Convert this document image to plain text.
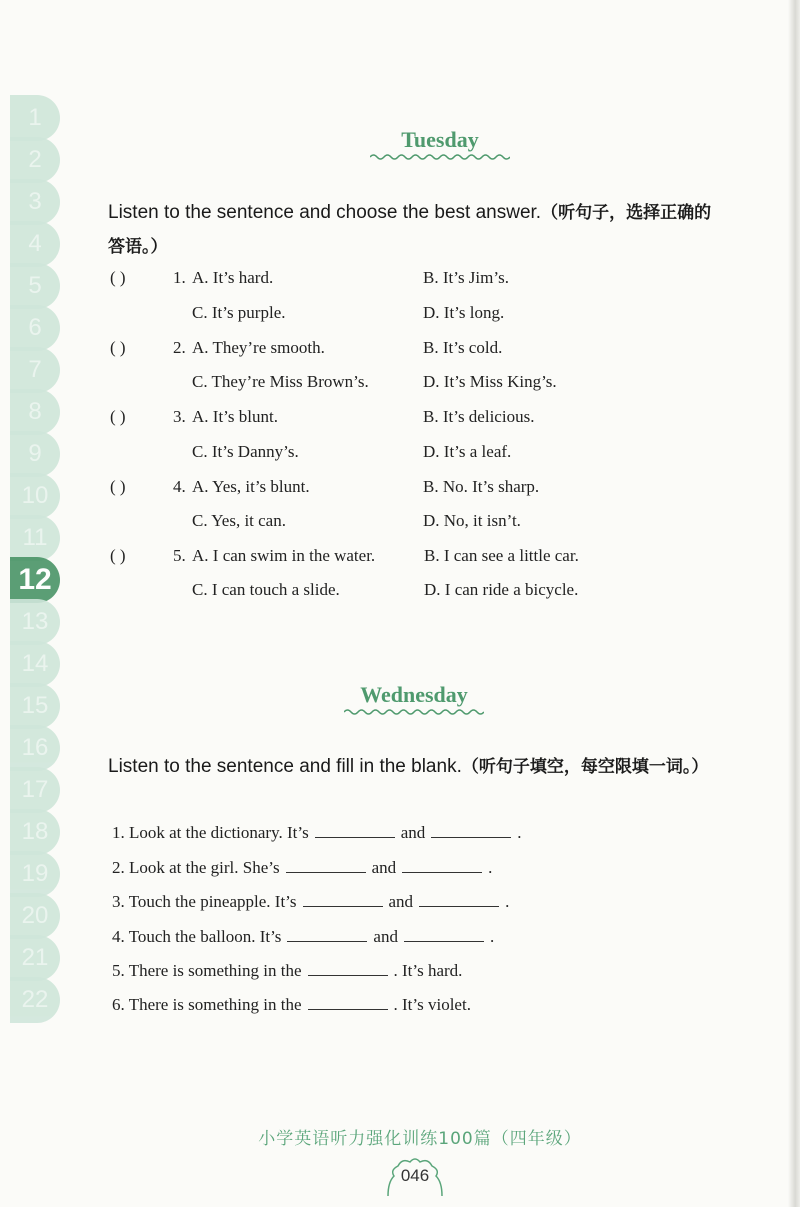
1
2
3
4
5
6
7
8
9
10
11
12
13
14
15
16
17
18
19
20
21
22
Tuesday
Listen to the sentence and choose the best answer.（听句子，选择正确的答语。）
( )	1. A. It’s hard.	B. It’s Jim’s.
C. It’s purple.	D. It’s long.
( )	2. A. They’re smooth.	B. It’s cold.
C. They’re Miss Brown’s.	D. It’s Miss King’s.
( )	3. A. It’s blunt.	B. It’s delicious.
C. It’s Danny’s.	D. It’s a leaf.
( )	4. A. Yes, it’s blunt.	B. No. It’s sharp.
C. Yes, it can.	D. No, it isn’t.
( )	5. A. I can swim in the water.	B. I can see a little car.
C. I can touch a slide.	D. I can ride a bicycle.
Wednesday
Listen to the sentence and fill in the blank.（听句子填空，每空限填一词。）
1. Look at the dictionary. It’s	and	.
2. Look at the girl. She’s	and	.
3. Touch the pineapple. It’s	and	.
4. Touch the balloon. It’s	and	.
5. There is something in the	. It’s hard.
6. There is something in the	. It’s violet.
小学英语听力强化训练100篇（四年级）
046
